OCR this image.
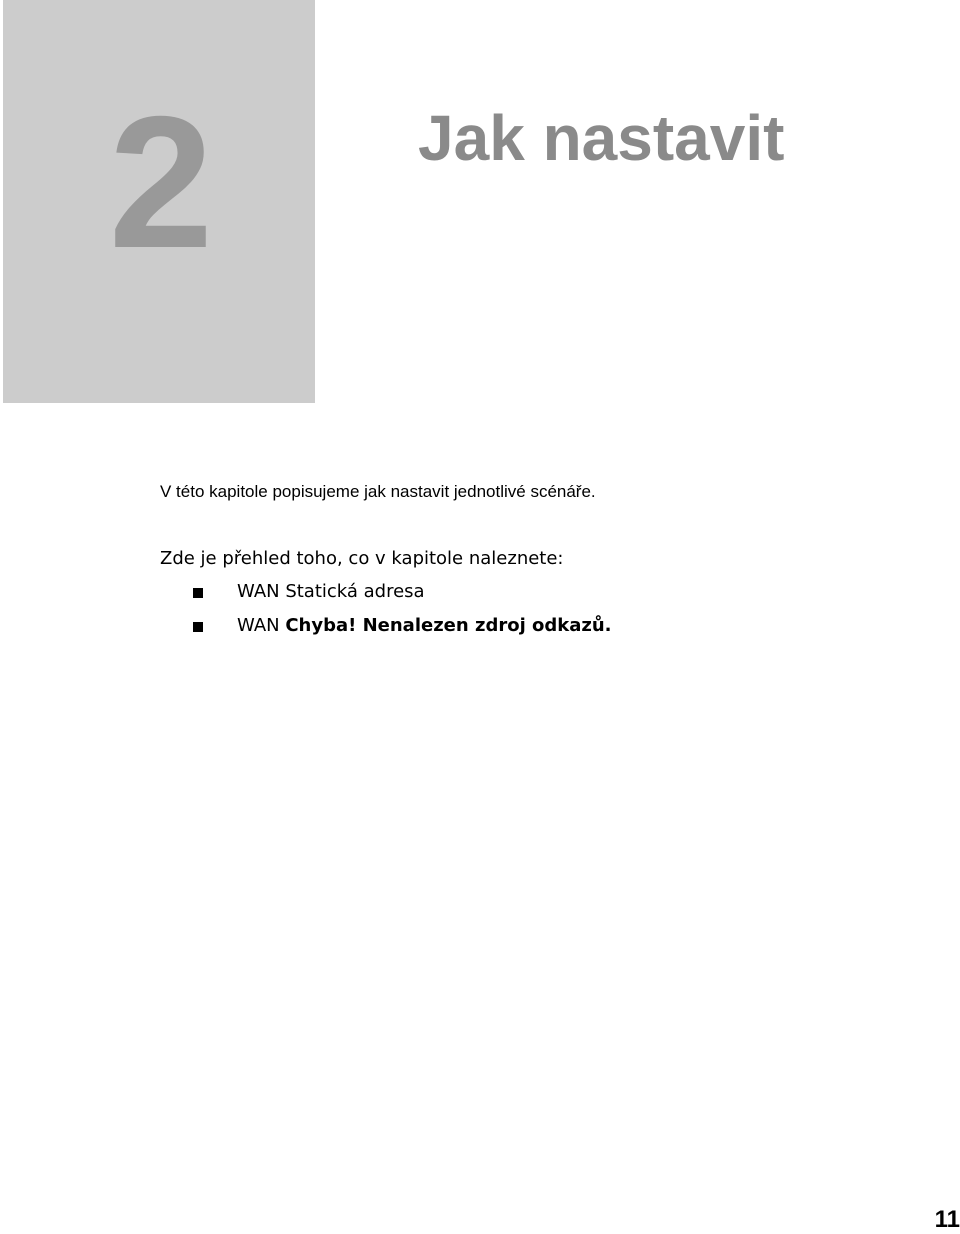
2	Jak nastavit
V této kapitole popisujeme jak nastavit jednotlivé scénáře.
Zde je přehled toho, co v kapitole naleznete:
WAN Statická adresa
WAN Chyba! Nenalezen zdroj odkazů.
11
